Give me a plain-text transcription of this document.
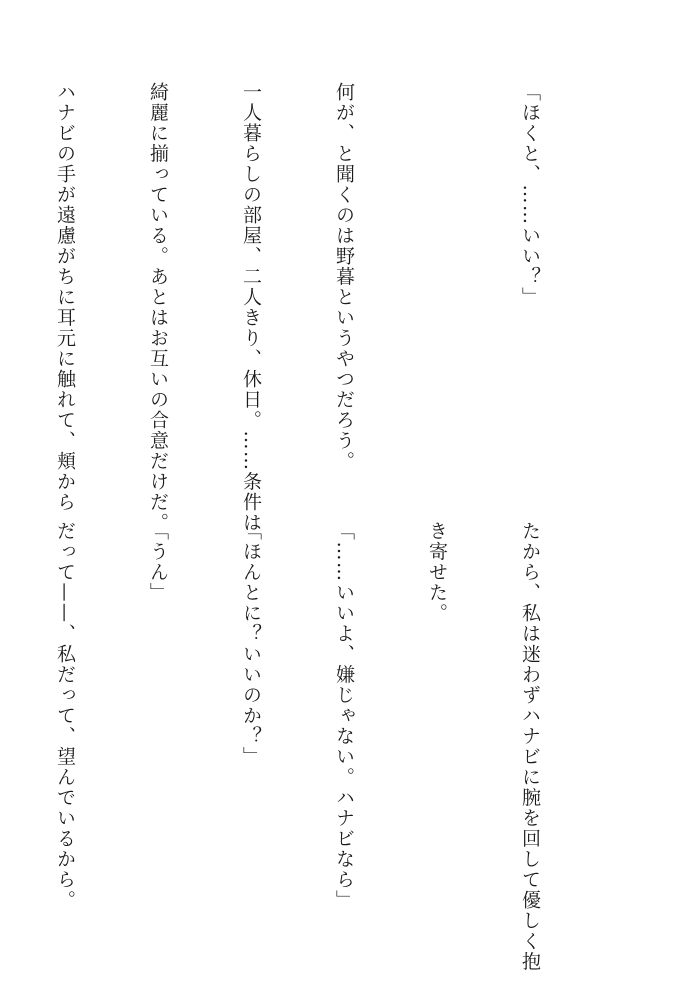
「ほくと、……いい？」

何が、と聞くのは野暮というやつだろう。

一人暮らしの部屋、二人きり、休日。……条件は

綺麗に揃っている。あとはお互いの合意だけだ。

ハナビの手が遠慮がちに耳元に触れて、頬から

たから、私は迷わずハナビに腕を回して優しく抱

き寄せた。

「……いいよ、嫌じゃない。ハナビなら」

「ほんとに？いいのか？」

「うん」

だって——、私だって、望んでいるから。
